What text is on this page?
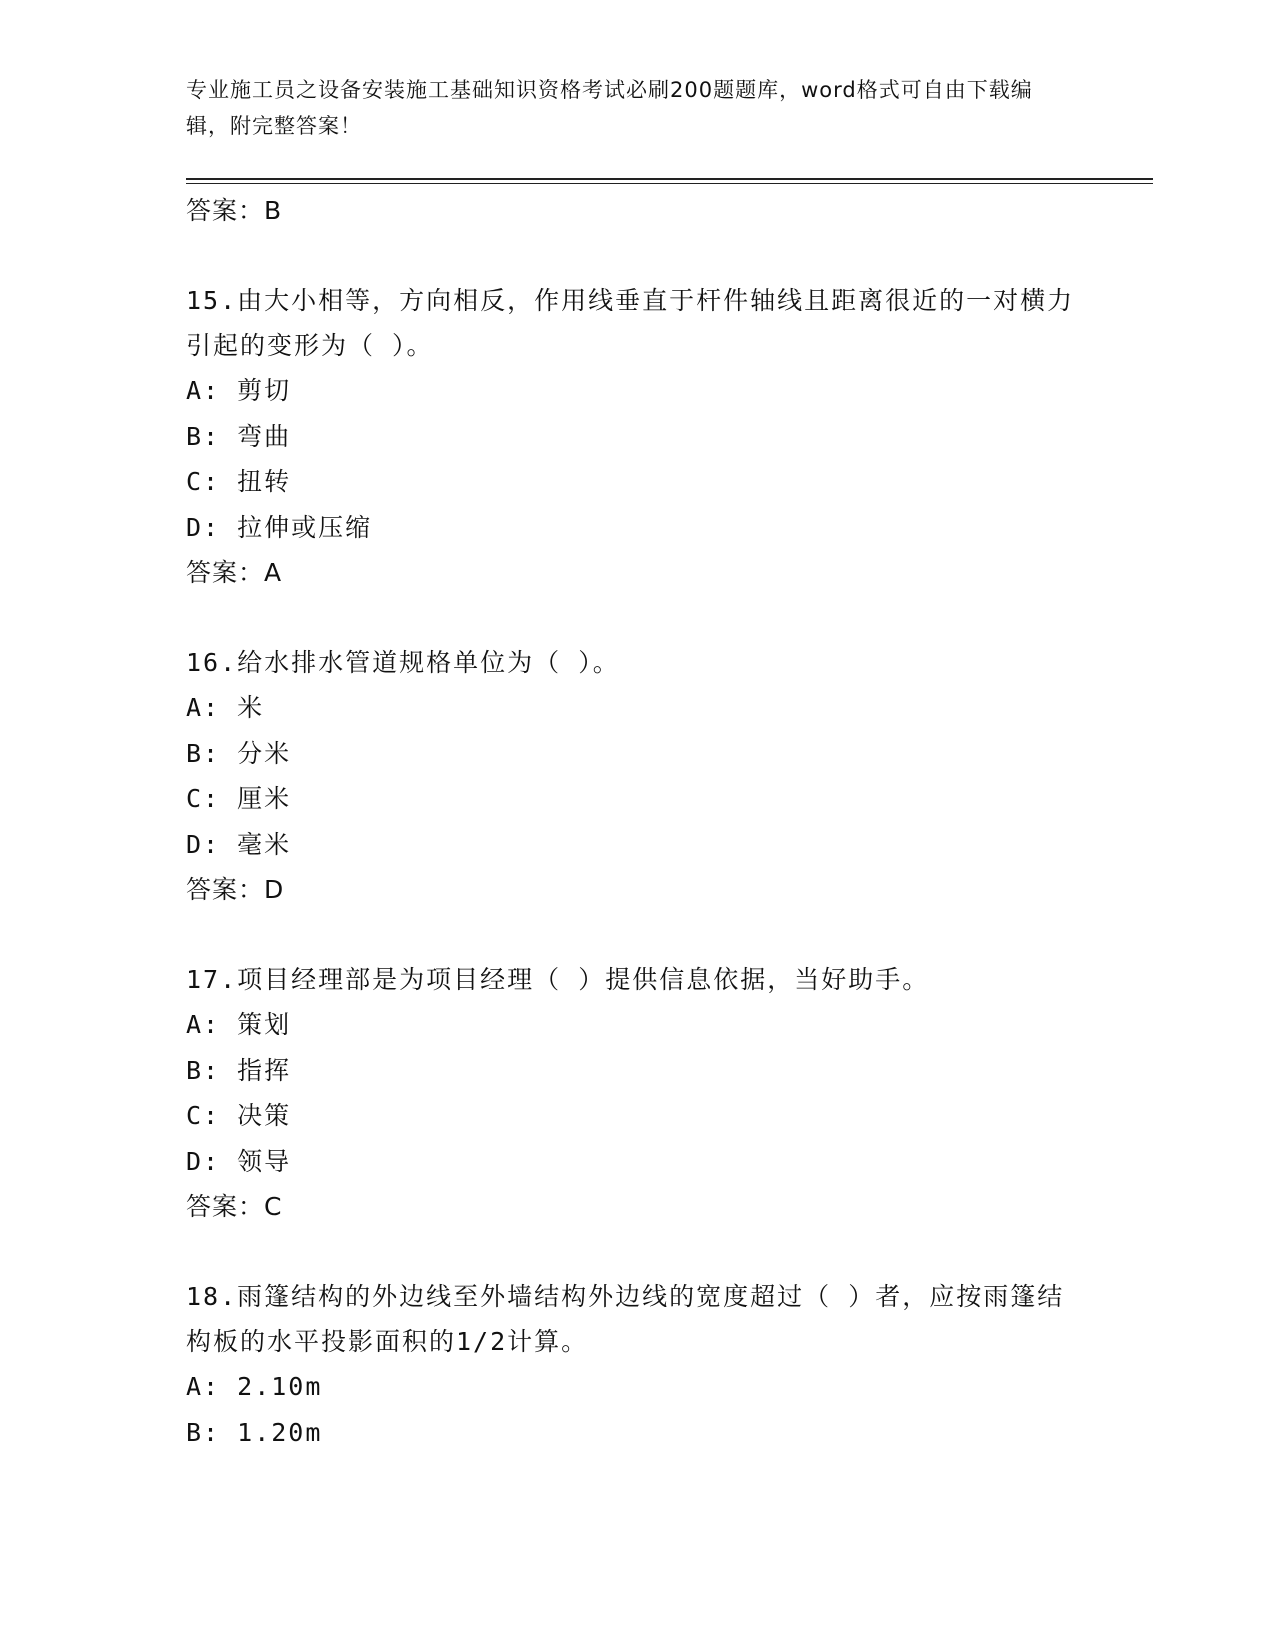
专业施工员之设备安装施工基础知识资格考试必刷200题题库，word格式可自由下载编辑，附完整答案！
答案：B
15.由大小相等，方向相反，作用线垂直于杆件轴线且距离很近的一对横力引起的变形为（ ）。
A: 剪切
B: 弯曲
C: 扭转
D: 拉伸或压缩
答案：A
16.给水排水管道规格单位为（ ）。
A: 米
B: 分米
C: 厘米
D: 毫米
答案：D
17.项目经理部是为项目经理（ ）提供信息依据，当好助手。
A: 策划
B: 指挥
C: 决策
D: 领导
答案：C
18.雨篷结构的外边线至外墙结构外边线的宽度超过（ ）者，应按雨篷结构板的水平投影面积的1/2计算。
A: 2.10m
B: 1.20m
